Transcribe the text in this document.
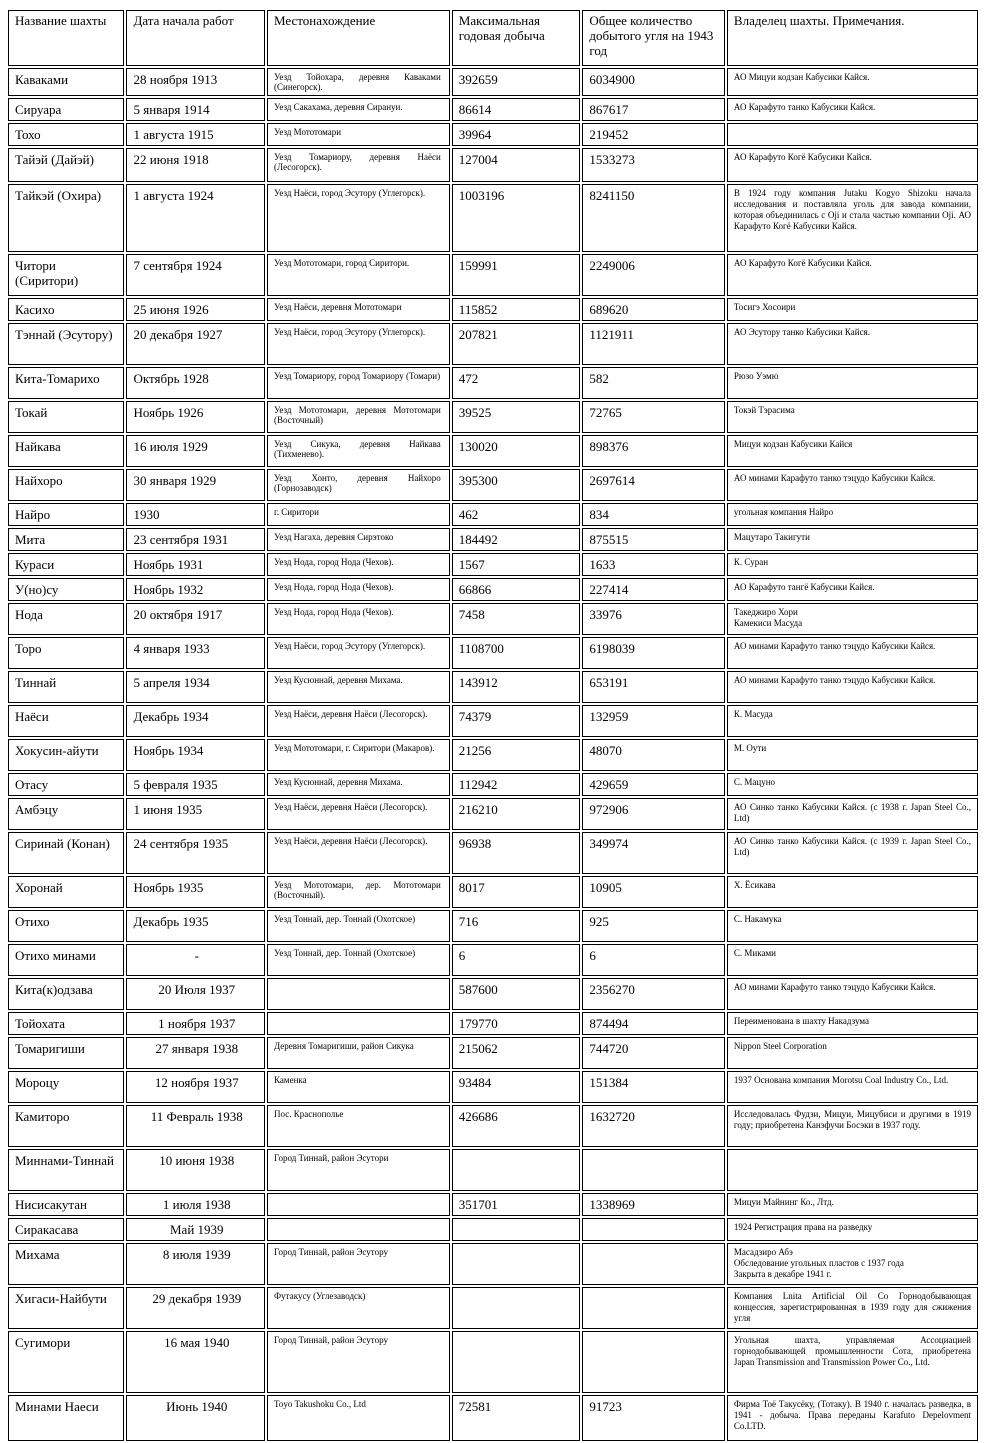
Название шахты	Дата начала работ	Местонахождение	Максимальная годовая добыча	Общее количество добытого угля на 1943 год	Владелец шахты. Примечания.
Каваками	28 ноября 1913	Уезд Тойохара, деревня Каваками (Синегорск).	392659	6034900	АО Мицуи кодзан Кабусики Кайся.
Сируара	5 января 1914	Уезд Сакахама, деревня Сирануи.	86614	867617	АО Карафуто танко Кабусики Кайся.
Тохо	1 августа 1915	Уезд Мототомари	39964	219452	
Тайэй (Дайэй)	22 июня 1918	Уезд Томариору, деревня Наёси (Лесогорск).	127004	1533273	АО Карафуто Когё Кабусики Кайся.
Тайкэй (Охира)	1 августа 1924	Уезд Наёси, город Эсутору (Углегорск).	1003196	8241150	В 1924 году компания Jutaku Kogyo Shizoku начала исследования и поставляла уголь для завода компании, которая объединилась с Oji и стала частью компании Oji. АО Карафуто Когё Кабусики Кайся.
Читори (Сиритори)	7 сентября 1924	Уезд Мототомари, город Сиритори.	159991	2249006	АО Карафуто Когё Кабусики Кайся.
Касихо	25 июня 1926	Уезд Наёси, деревня Мототомари	115852	689620	Тосигэ Хосоири
Тэннай (Эсутору)	20 декабря 1927	Уезд Наёси, город Эсутору (Углегорск).	207821	1121911	АО Эсутору танко Кабусики Кайся.
Кита-Томарихо	Октябрь 1928	Уезд Томариору, город Томариору (Томари)	472	582	Рюзо Уэмю
Токай	Ноябрь 1926	Уезд Мототомари, деревня Мототомари (Восточный)	39525	72765	Токэй Тэрасима
Найкава	16 июля 1929	Уезд Сикука, деревня Найкава (Тихменево).	130020	898376	Мицуи кодзан Кабусики Кайся
Найхоро	30 января 1929	Уезд Хонто, деревня Найхоро (Горнозаводск)	395300	2697614	АО минами Карафуто танко тэцудо Кабусики Кайся.
Найро	1930	г. Сиритори	462	834	угольная компания Найро
Мита	23 сентября 1931	Уезд Нагаха, деревня Сирэтоко	184492	875515	Мацутаро Такигути
Кураси	Ноябрь 1931	Уезд Нода, город Нода (Чехов).	1567	1633	К. Суран
У(но)су	Ноябрь 1932	Уезд Нода, город Нода (Чехов).	66866	227414	АО Карафуто тангё Кабусики Кайся.
Нода	20 октября 1917	Уезд Нода, город Нода (Чехов).	7458	33976	Такеджиро Хори
Камекиси Масуда

Торо	4 января 1933	Уезд Наёси, город Эсутору (Углегорск).	1108700	6198039	АО минами Карафуто танко тэцудо Кабусики Кайся.
Тиннай	5 апреля 1934	Уезд Кусюннай, деревня Михама.	143912	653191	АО минами Карафуто танко тэцудо Кабусики Кайся.
Наёси	Декабрь 1934	Уезд Наёси, деревня Наёси (Лесогорск).	74379	132959	К. Масуда
Хокусин-айути	Ноябрь 1934	Уезд Мототомари, г. Сиритори (Макаров).	21256	48070	М. Оути
Отасу	5 февраля 1935	Уезд Кусюннай, деревня Михама.	112942	429659	С. Мацуно
Амбэцу	1 июня 1935	Уезд Наёси, деревня Наёси (Лесогорск).	216210	972906	АО Синко танко Кабусики Кайся. (с 1938 г. Japan Steel Co., Ltd)
Сиринай (Конан)	24 сентября 1935	Уезд Наёси, деревня Наёси (Лесогорск).	96938	349974	АО Синко танко Кабусики Кайся. (с 1939 г. Japan Steel Co., Ltd)
Хоронай	Ноябрь 1935	Уезд Мототомари, дер. Мототомари (Восточный).	8017	10905	Х. Ёсикава
Отихо	Декабрь 1935	Уезд Тоннай, дер. Тоннай (Охотское)	716	925	С. Накамука
Отихо минами	-	Уезд Тоннай, дер. Тоннай (Охотское)	6	6	С. Миками
Кита(к)одзава	20 Июля 1937		587600	2356270	АО минами Карафуто танко тэцудо Кабусики Кайся.
Тойохата	1 ноября 1937		179770	874494	Переименована в шахту Накадзума
Томаригиши	27 января 1938	Деревня Томаригиши, район Сикука	215062	744720	Nippon Steel Corporation
Мороцу	12 ноября 1937	Каменка	93484	151384	1937 Основана компания Morotsu Coal Industry Co., Ltd.
Камиторо	11 Февраль 1938	Пос. Краснополье	426686	1632720	Исследовалась Фудзи, Мицуи, Мицубиси и другими в 1919 году; приобретена Канэфучи Босэки в 1937 году.
Миннами-Тиннай	10 июня 1938	Город Тиннай, район Эсутори			
Нисисакутан	1 июля 1938		351701	1338969	Мицуи Майнинг Ко., Лтд.
Сиракасава	Май 1939				1924 Регистрация права на разведку
Михама	8 июля 1939	Город Тиннай, район Эсутору			Масадзиро Абэ
Обследование угольных пластов с 1937 года
Закрыта в декабре 1941 г.

Хигаси-Найбути	29 декабря 1939	Футакусу (Углезаводск)			Компания Lnita Artificial Oil Co Горнодобывающая концессия, зарегистрированная в 1939 году для сжижения угля
Сугимори	16 мая 1940	Город Тиннай, район Эсутору			Угольная шахта, управляемая Ассоциацией горнодобывающей промышленности Сота, приобретена Japan Transmission and Transmission Power Co., Ltd.
Минами Наеси	Июнь 1940	Toyo Takushoku Co., Ltd	72581	91723	Фирма Тоё Такусёку, (Тотаку). В 1940 г. началась разведка, в 1941 - добыча. Права переданы Karafuto Depelovment Co.LTD.
